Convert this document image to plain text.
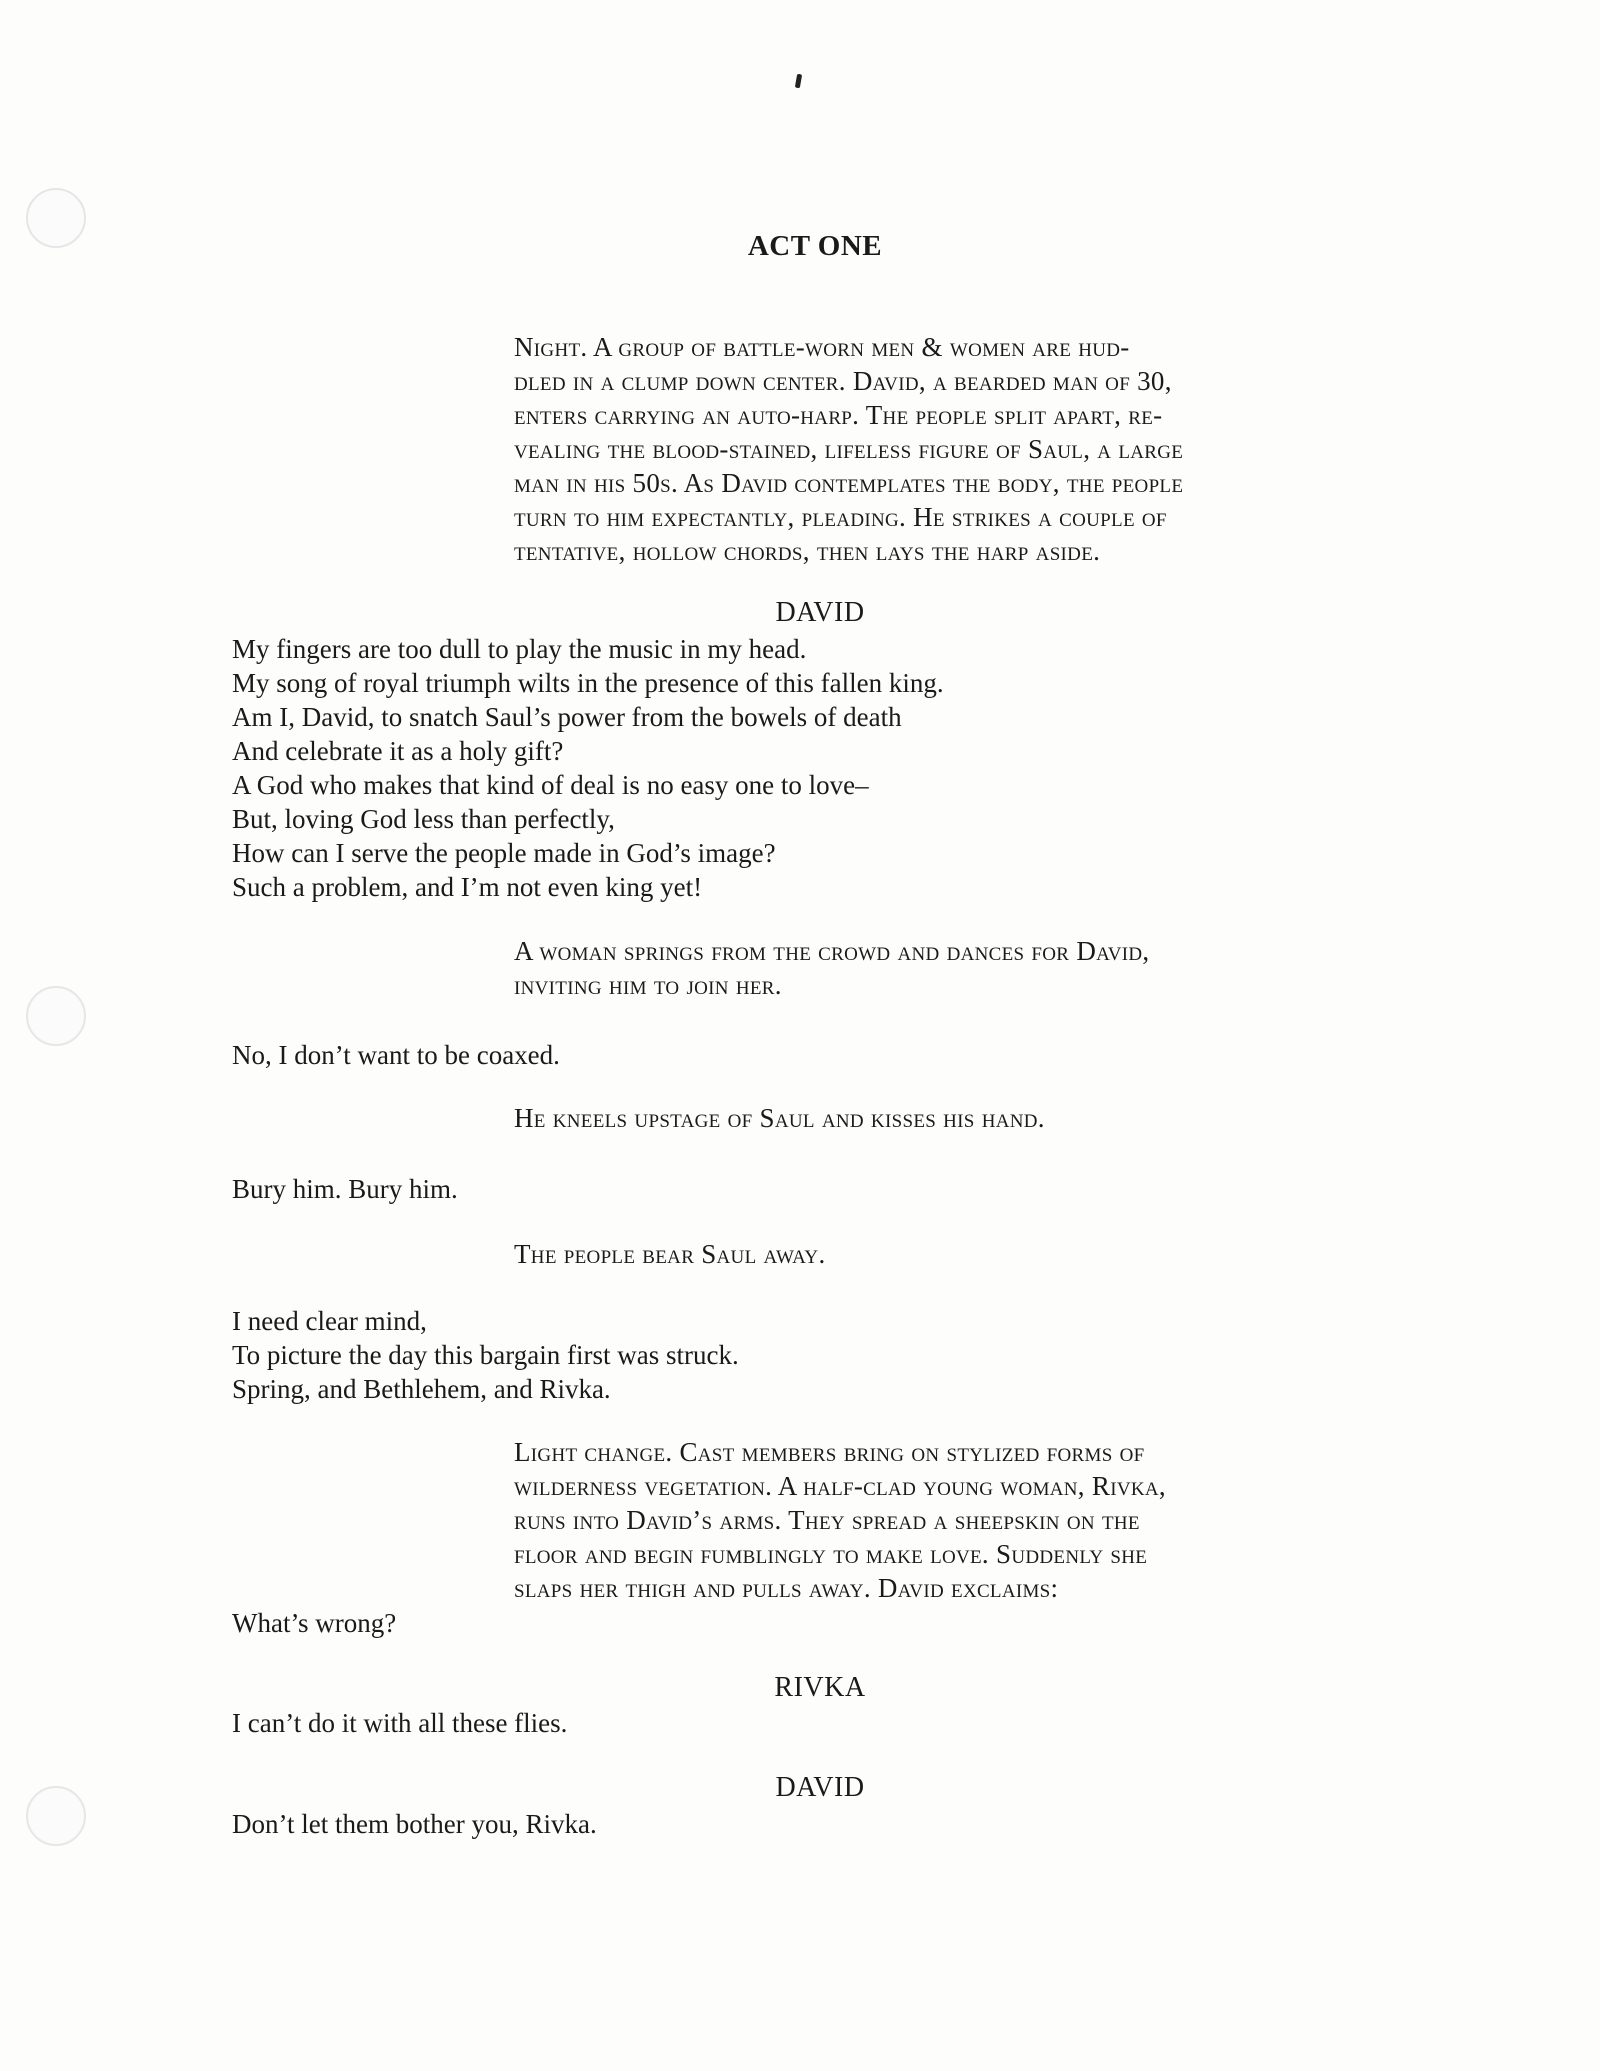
ACT ONE
Night. A group of battle-worn men & women are hud-
dled in a clump down center. David, a bearded man of 30,
enters carrying an auto-harp. The people split apart, re-
vealing the blood-stained, lifeless figure of Saul, a large
man in his 50s. As David contemplates the body, the people
turn to him expectantly, pleading. He strikes a couple of
tentative, hollow chords, then lays the harp aside.
DAVID
My fingers are too dull to play the music in my head.
My song of royal triumph wilts in the presence of this fallen king.
Am I, David, to snatch Saul’s power from the bowels of death
And celebrate it as a holy gift?
A God who makes that kind of deal is no easy one to love–
But, loving God less than perfectly,
How can I serve the people made in God’s image?
Such a problem, and I’m not even king yet!
A woman springs from the crowd and dances for David,
inviting him to join her.
No, I don’t want to be coaxed.
He kneels upstage of Saul and kisses his hand.
Bury him. Bury him.
The people bear Saul away.
I need clear mind,
To picture the day this bargain first was struck.
Spring, and Bethlehem, and Rivka.
Light change. Cast members bring on stylized forms of
wilderness vegetation. A half-clad young woman, Rivka,
runs into David’s arms. They spread a sheepskin on the
floor and begin fumblingly to make love. Suddenly she
slaps her thigh and pulls away. David exclaims:
What’s wrong?
RIVKA
I can’t do it with all these flies.
DAVID
Don’t let them bother you, Rivka.
